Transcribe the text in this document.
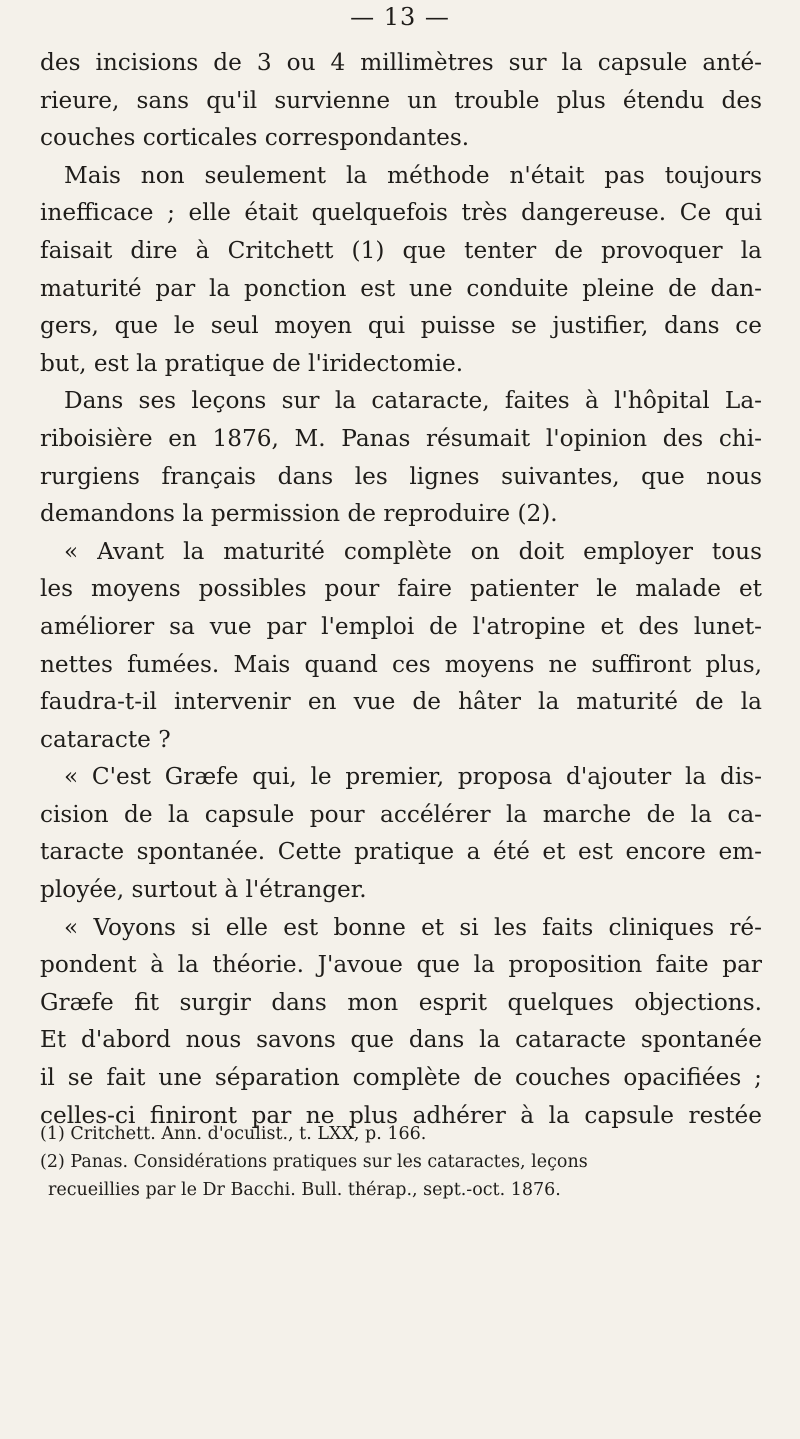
— 13 —
des incisions de 3 ou 4 millimètres sur la capsule anté-
rieure, sans qu'il survienne un trouble plus étendu des
couches corticales correspondantes.
Mais non seulement la méthode n'était pas toujours
inefficace ; elle était quelquefois très dangereuse. Ce qui
faisait dire à Critchett (1) que tenter de provoquer la
maturité par la ponction est une conduite pleine de dan-
gers, que le seul moyen qui puisse se justifier, dans ce
but, est la pratique de l'iridectomie.
Dans ses leçons sur la cataracte, faites à l'hôpital La-
riboisière en 1876, M. Panas résumait l'opinion des chi-
rurgiens français dans les lignes suivantes, que nous
demandons la permission de reproduire (2).
« Avant la maturité complète on doit employer tous
les moyens possibles pour faire patienter le malade et
améliorer sa vue par l'emploi de l'atropine et des lunet-
nettes fumées. Mais quand ces moyens ne suffiront plus,
faudra-t-il intervenir en vue de hâter la maturité de la
cataracte ?
« C'est Græfe qui, le premier, proposa d'ajouter la dis-
cision de la capsule pour accélérer la marche de la ca-
taracte spontanée. Cette pratique a été et est encore em-
ployée, surtout à l'étranger.
« Voyons si elle est bonne et si les faits cliniques ré-
pondent à la théorie. J'avoue que la proposition faite par
Græfe fit surgir dans mon esprit quelques objections.
Et d'abord nous savons que dans la cataracte spontanée
il se fait une séparation complète de couches opacifiées ;
celles-ci finiront par ne plus adhérer à la capsule restée
(1) Critchett. Ann. d'oculist., t. LXX, p. 166.
(2) Panas. Considérations pratiques sur les cataractes, leçons
recueillies par le Dr Bacchi. Bull. thérap., sept.-oct. 1876.
